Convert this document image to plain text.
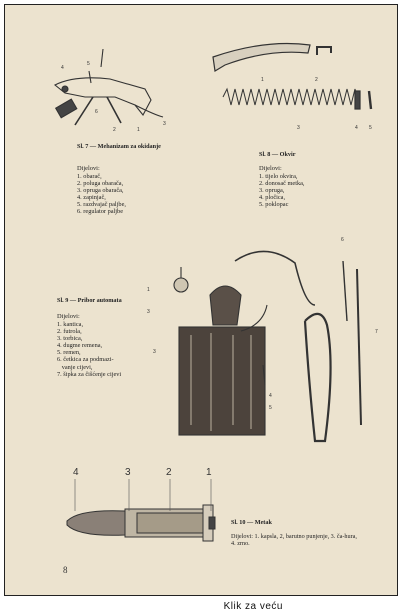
1
2
3
4
5
6
Sl. 7 — Mehanizam za okidanje
Dijelovi:
1. obarač,
2. poluga obarača,
3. opruga obarača,
4. zapinjač,
5. razdvajač paljbe,
6. regulator paljbe
1	2
3	4 5
Sl. 8 — Okvir
Dijelovi:
1. tijelo okvira,
2. donosač metka,
3. opruga,
4. pločica,
5. poklopac
1
3
3
6
7
4
5
Sl. 9 — Pribor automata
Dijelovi:
1. kantica,
2. futrola,
3. torbica,
4. dugme remena,
5. remen,
6. četkica za podmazi-
vanje cijevi,
7. šipka za čišćenje cijevi
4	3	2	1
Sl. 10 — Metak
Dijelovi: 1. kapsla, 2, barutno punjenje, 3. ča-hura, 4. zrno.
8
Klik za veću
